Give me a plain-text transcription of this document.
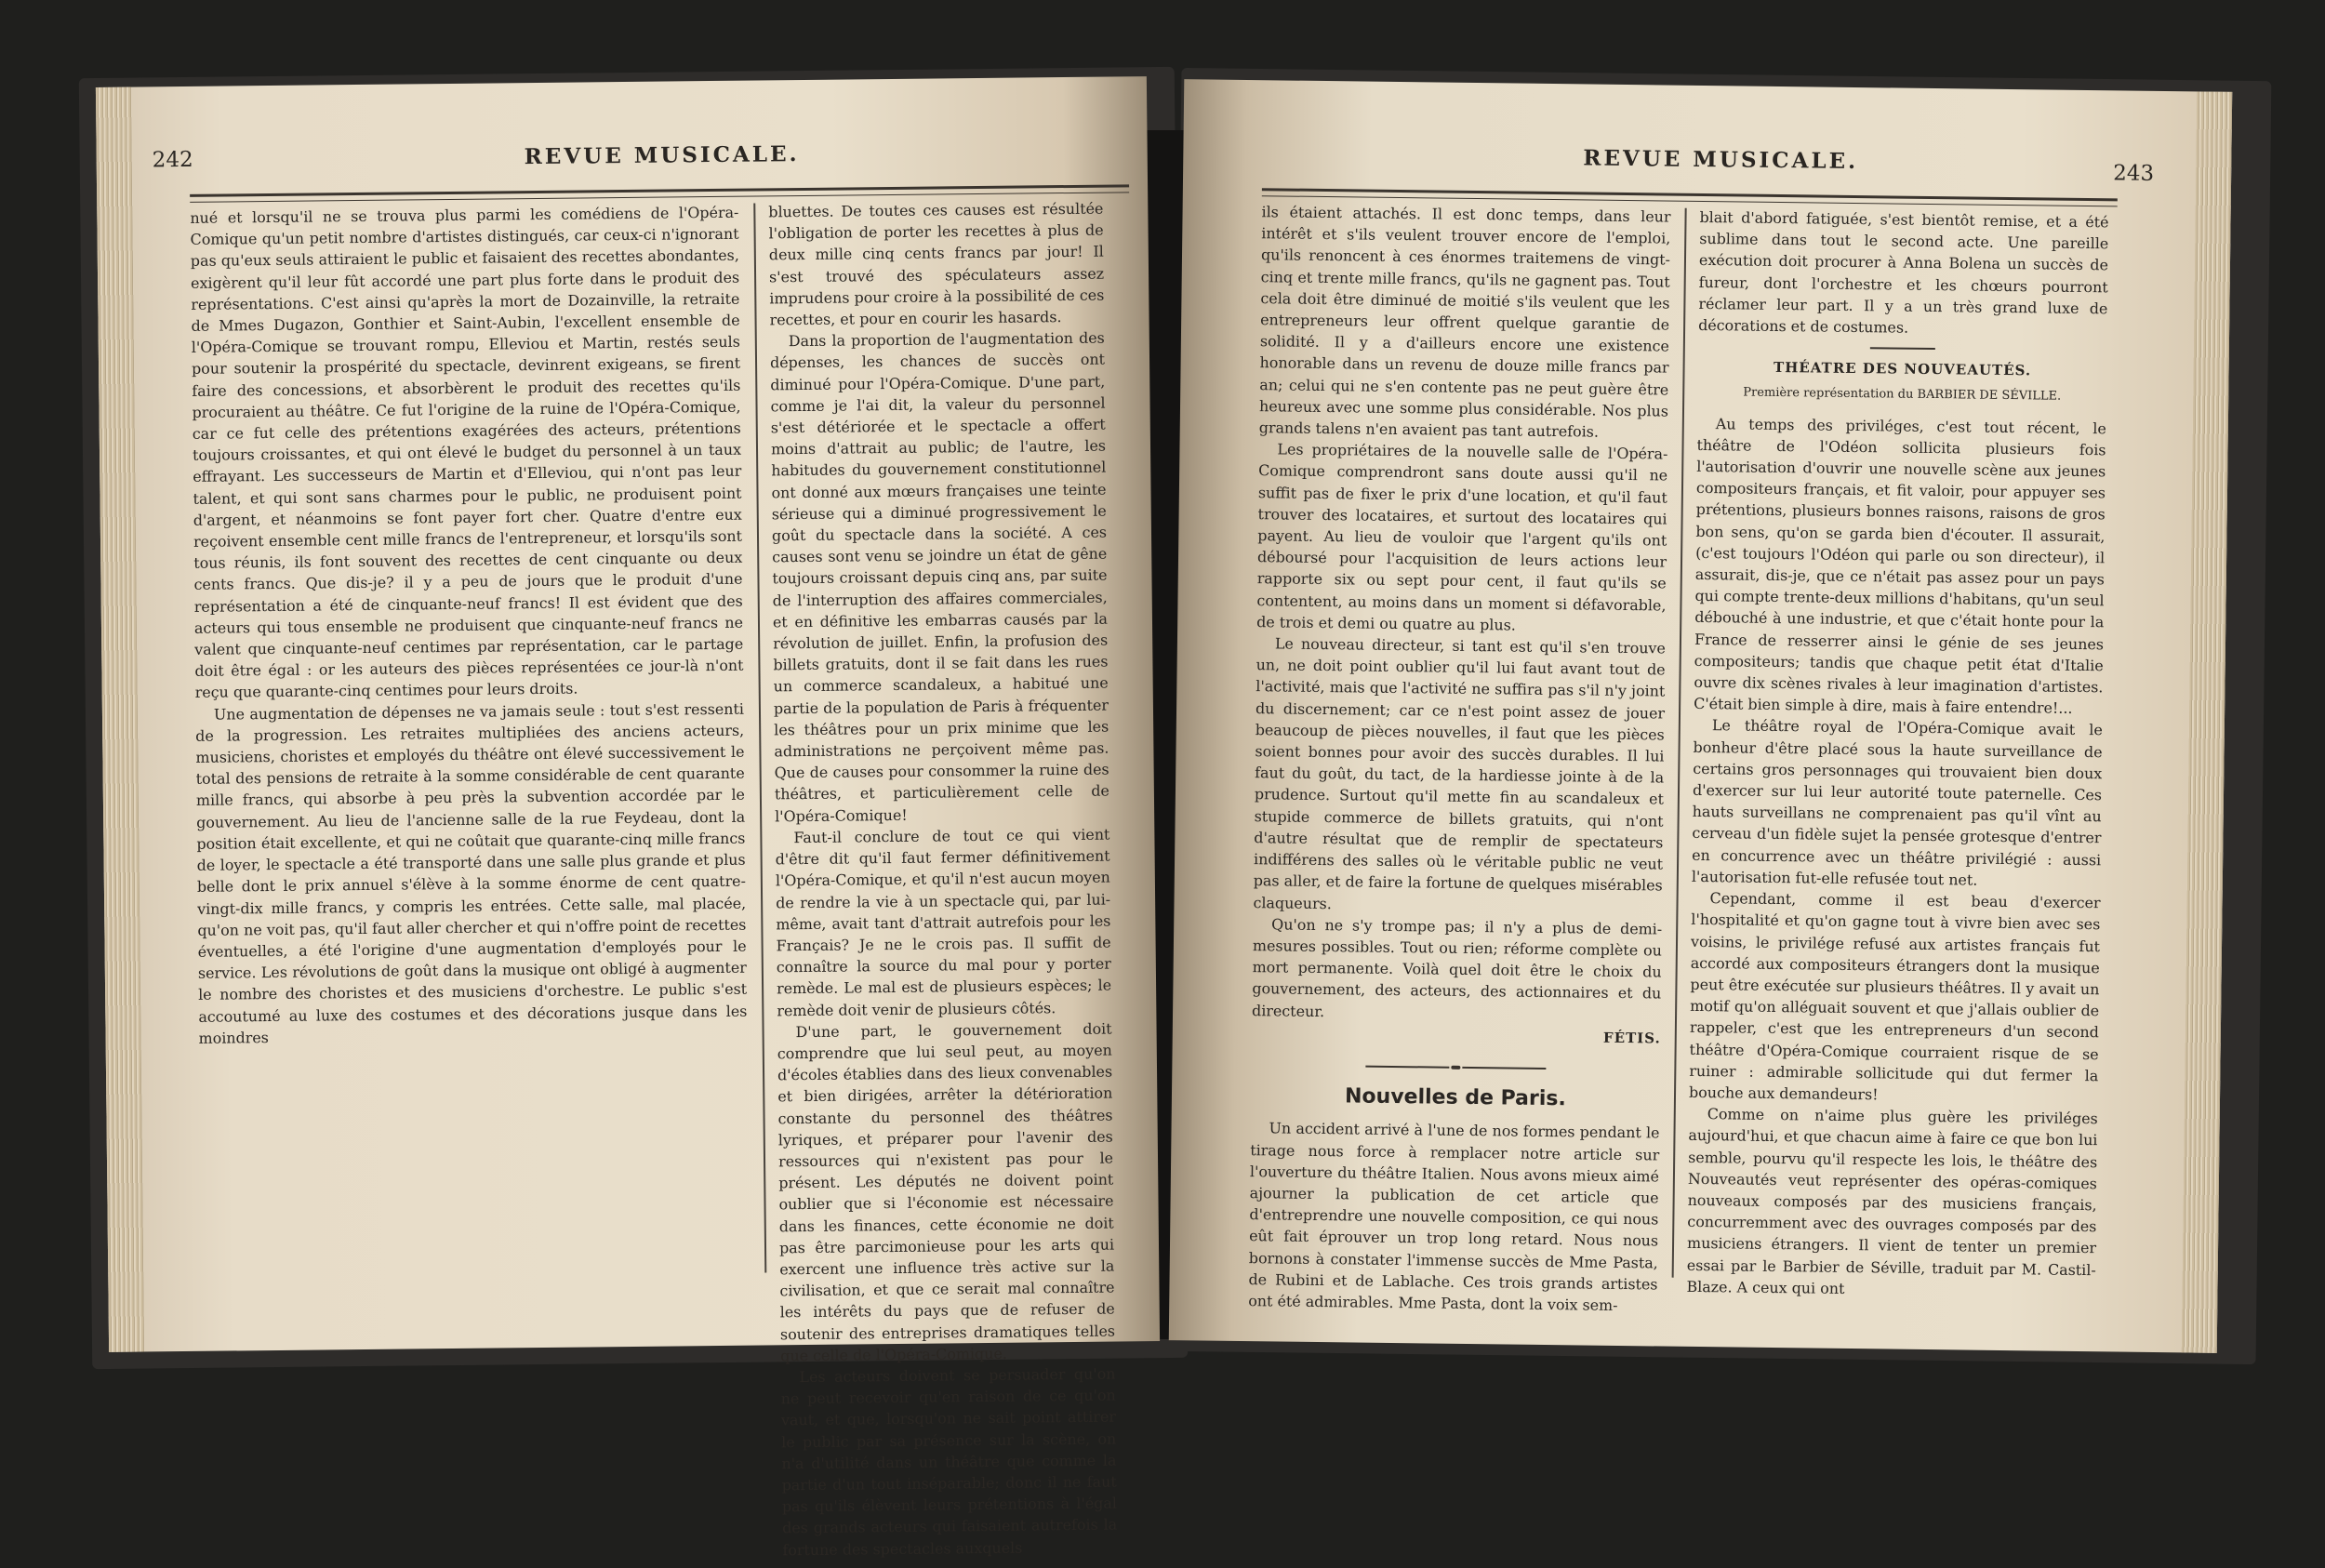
242	REVUE MUSICALE.

nué et lorsqu'il ne se trouva plus parmi les comédiens de l'Opéra-Comique qu'un petit nombre d'artistes distingués, car ceux-ci n'ignorant pas qu'eux seuls attiraient le public et faisaient des recettes abondantes, exigèrent qu'il leur fût accordé une part plus forte dans le produit des représentations. C'est ainsi qu'après la mort de Dozainville, la retraite de Mmes Dugazon, Gonthier et Saint-Aubin, l'excellent ensemble de l'Opéra-Comique se trouvant rompu, Elleviou et Martin, restés seuls pour soutenir la prospérité du spectacle, devinrent exigeans, se firent faire des concessions, et absorbèrent le produit des recettes qu'ils procuraient au théâtre. Ce fut l'origine de la ruine de l'Opéra-Comique, car ce fut celle des prétentions exagérées des acteurs, prétentions toujours croissantes, et qui ont élevé le budget du personnel à un taux effrayant. Les successeurs de Martin et d'Elleviou, qui n'ont pas leur talent, et qui sont sans charmes pour le public, ne produisent point d'argent, et néanmoins se font payer fort cher. Quatre d'entre eux reçoivent ensemble cent mille francs de l'entrepreneur, et lorsqu'ils sont tous réunis, ils font souvent des recettes de cent cinquante ou deux cents francs. Que dis-je? il y a peu de jours que le produit d'une représentation a été de cinquante-neuf francs! Il est évident que des acteurs qui tous ensemble ne produisent que cinquante-neuf francs ne valent que cinquante-neuf centimes par représentation, car le partage doit être égal : or les auteurs des pièces représentées ce jour-là n'ont reçu que quarante-cinq centimes pour leurs droits.

Une augmentation de dépenses ne va jamais seule : tout s'est ressenti de la progression. Les retraites multipliées des anciens acteurs, musiciens, choristes et employés du théâtre ont élevé successivement le total des pensions de retraite à la somme considérable de cent quarante mille francs, qui absorbe à peu près la subvention accordée par le gouvernement. Au lieu de l'ancienne salle de la rue Feydeau, dont la position était excellente, et qui ne coûtait que quarante-cinq mille francs de loyer, le spectacle a été transporté dans une salle plus grande et plus belle dont le prix annuel s'élève à la somme énorme de cent quatre-vingt-dix mille francs, y compris les entrées. Cette salle, mal placée, qu'on ne voit pas, qu'il faut aller chercher et qui n'offre point de recettes éventuelles, a été l'origine d'une augmentation d'employés pour le service. Les révolutions de goût dans la musique ont obligé à augmenter le nombre des choristes et des musiciens d'orchestre. Le public s'est accoutumé au luxe des costumes et des décorations jusque dans les moindres

bluettes. De toutes ces causes est résultée l'obligation de porter les recettes à plus de deux mille cinq cents francs par jour! Il s'est trouvé des spéculateurs assez imprudens pour croire à la possibilité de ces recettes, et pour en courir les hasards.

Dans la proportion de l'augmentation des dépenses, les chances de succès ont diminué pour l'Opéra-Comique. D'une part, comme je l'ai dit, la valeur du personnel s'est détériorée et le spectacle a offert moins d'attrait au public; de l'autre, les habitudes du gouvernement constitutionnel ont donné aux mœurs françaises une teinte sérieuse qui a diminué progressivement le goût du spectacle dans la société. A ces causes sont venu se joindre un état de gêne toujours croissant depuis cinq ans, par suite de l'interruption des affaires commerciales, et en définitive les embarras causés par la révolution de juillet. Enfin, la profusion des billets gratuits, dont il se fait dans les rues un commerce scandaleux, a habitué une partie de la population de Paris à fréquenter les théâtres pour un prix minime que les administrations ne perçoivent même pas. Que de causes pour consommer la ruine des théâtres, et particulièrement celle de l'Opéra-Comique!

Faut-il conclure de tout ce qui vient d'être dit qu'il faut fermer définitivement l'Opéra-Comique, et qu'il n'est aucun moyen de rendre la vie à un spectacle qui, par lui-même, avait tant d'attrait autrefois pour les Français? Je ne le crois pas. Il suffit de connaître la source du mal pour y porter remède. Le mal est de plusieurs espèces; le remède doit venir de plusieurs côtés.

D'une part, le gouvernement doit comprendre que lui seul peut, au moyen d'écoles établies dans des lieux convenables et bien dirigées, arrêter la détérioration constante du personnel des théâtres lyriques, et préparer pour l'avenir des ressources qui n'existent pas pour le présent. Les députés ne doivent point oublier que si l'économie est nécessaire dans les finances, cette économie ne doit pas être parcimonieuse pour les arts qui exercent une influence très active sur la civilisation, et que ce serait mal connaître les intérêts du pays que de refuser de soutenir des entreprises dramatiques telles que celle de l'Opéra-Comique.

Les acteurs doivent se persuader qu'on ne peut recevoir qu'en raison de ce qu'on vaut, et que, lorsqu'on ne sait point attirer le public par sa présence sur la scène, on n'a d'utilité dans un théâtre que comme la partie d'un tout inséparable; donc il ne faut pas qu'ils élèvent leurs prétentions à l'égal des grands acteurs qui faisaient autrefois la fortune des spectacles auxquels

REVUE MUSICALE.	243

ils étaient attachés. Il est donc temps, dans leur intérêt et s'ils veulent trouver encore de l'emploi, qu'ils renoncent à ces énormes traitemens de vingt-cinq et trente mille francs, qu'ils ne gagnent pas. Tout cela doit être diminué de moitié s'ils veulent que les entrepreneurs leur offrent quelque garantie de solidité. Il y a d'ailleurs encore une existence honorable dans un revenu de douze mille francs par an; celui qui ne s'en contente pas ne peut guère être heureux avec une somme plus considérable. Nos plus grands talens n'en avaient pas tant autrefois.

Les propriétaires de la nouvelle salle de l'Opéra-Comique comprendront sans doute aussi qu'il ne suffit pas de fixer le prix d'une location, et qu'il faut trouver des locataires, et surtout des locataires qui payent. Au lieu de vouloir que l'argent qu'ils ont déboursé pour l'acquisition de leurs actions leur rapporte six ou sept pour cent, il faut qu'ils se contentent, au moins dans un moment si défavorable, de trois et demi ou quatre au plus.

Le nouveau directeur, si tant est qu'il s'en trouve un, ne doit point oublier qu'il lui faut avant tout de l'activité, mais que l'activité ne suffira pas s'il n'y joint du discernement; car ce n'est point assez de jouer beaucoup de pièces nouvelles, il faut que les pièces soient bonnes pour avoir des succès durables. Il lui faut du goût, du tact, de la hardiesse jointe à de la prudence. Surtout qu'il mette fin au scandaleux et stupide commerce de billets gratuits, qui n'ont d'autre résultat que de remplir de spectateurs indifférens des salles où le véritable public ne veut pas aller, et de faire la fortune de quelques misérables claqueurs.

Qu'on ne s'y trompe pas; il n'y a plus de demi-mesures possibles. Tout ou rien; réforme complète ou mort permanente. Voilà quel doit être le choix du gouvernement, des acteurs, des actionnaires et du directeur.

FÉTIS.
Nouvelles de Paris.

Un accident arrivé à l'une de nos formes pendant le tirage nous force à remplacer notre article sur l'ouverture du théâtre Italien. Nous avons mieux aimé ajourner la publication de cet article que d'entreprendre une nouvelle composition, ce qui nous eût fait éprouver un trop long retard. Nous nous bornons à constater l'immense succès de Mme Pasta, de Rubini et de Lablache. Ces trois grands artistes ont été admirables. Mme Pasta, dont la voix sem-

blait d'abord fatiguée, s'est bientôt remise, et a été sublime dans tout le second acte. Une pareille exécution doit procurer à Anna Bolena un succès de fureur, dont l'orchestre et les chœurs pourront réclamer leur part. Il y a un très grand luxe de décorations et de costumes.

THÉATRE DES NOUVEAUTÉS.
Première représentation du BARBIER DE SÉVILLE.

Au temps des priviléges, c'est tout récent, le théâtre de l'Odéon sollicita plusieurs fois l'autorisation d'ouvrir une nouvelle scène aux jeunes compositeurs français, et fit valoir, pour appuyer ses prétentions, plusieurs bonnes raisons, raisons de gros bon sens, qu'on se garda bien d'écouter. Il assurait, (c'est toujours l'Odéon qui parle ou son directeur), il assurait, dis-je, que ce n'était pas assez pour un pays qui compte trente-deux millions d'habitans, qu'un seul débouché à une industrie, et que c'était honte pour la France de resserrer ainsi le génie de ses jeunes compositeurs; tandis que chaque petit état d'Italie ouvre dix scènes rivales à leur imagination d'artistes. C'était bien simple à dire, mais à faire entendre!...

Le théâtre royal de l'Opéra-Comique avait le bonheur d'être placé sous la haute surveillance de certains gros personnages qui trouvaient bien doux d'exercer sur lui leur autorité toute paternelle. Ces hauts surveillans ne comprenaient pas qu'il vînt au cerveau d'un fidèle sujet la pensée grotesque d'entrer en concurrence avec un théâtre privilégié : aussi l'autorisation fut-elle refusée tout net.

Cependant, comme il est beau d'exercer l'hospitalité et qu'on gagne tout à vivre bien avec ses voisins, le privilége refusé aux artistes français fut accordé aux compositeurs étrangers dont la musique peut être exécutée sur plusieurs théâtres. Il y avait un motif qu'on alléguait souvent et que j'allais oublier de rappeler, c'est que les entrepreneurs d'un second théâtre d'Opéra-Comique courraient risque de se ruiner : admirable sollicitude qui dut fermer la bouche aux demandeurs!

Comme on n'aime plus guère les priviléges aujourd'hui, et que chacun aime à faire ce que bon lui semble, pourvu qu'il respecte les lois, le théâtre des Nouveautés veut représenter des opéras-comiques nouveaux composés par des musiciens français, concurremment avec des ouvrages composés par des musiciens étrangers. Il vient de tenter un premier essai par le Barbier de Séville, traduit par M. Castil-Blaze. A ceux qui ont
